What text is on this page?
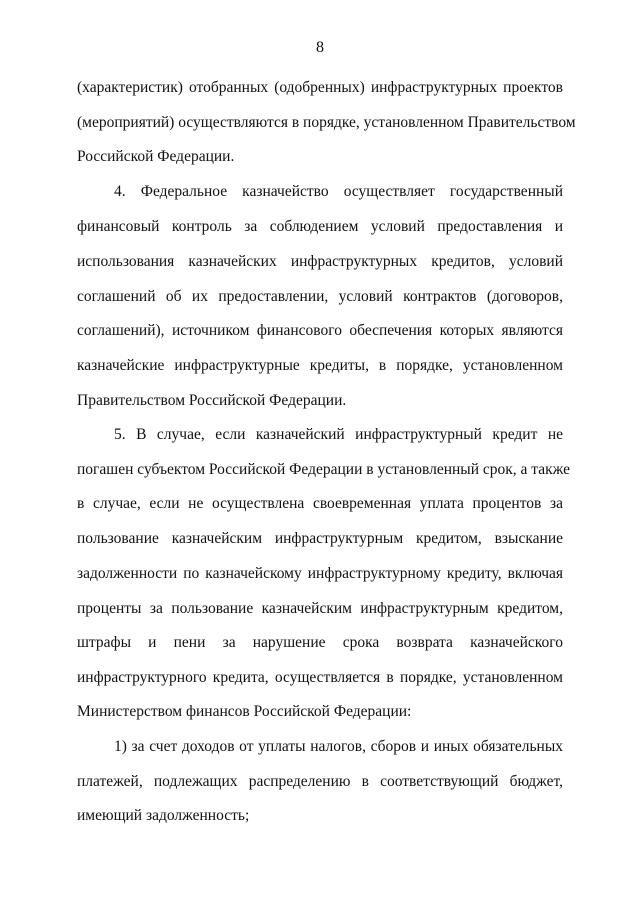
8
(характеристик) отобранных (одобренных) инфраструктурных проектов
(мероприятий) осуществляются в порядке, установленном Правительством
Российской Федерации.
4. Федеральное казначейство осуществляет государственный
финансовый контроль за соблюдением условий предоставления и
использования казначейских инфраструктурных кредитов, условий
соглашений об их предоставлении, условий контрактов (договоров,
соглашений), источником финансового обеспечения которых являются
казначейские инфраструктурные кредиты, в порядке, установленном
Правительством Российской Федерации.
5. В случае, если казначейский инфраструктурный кредит не
погашен субъектом Российской Федерации в установленный срок, а также
в случае, если не осуществлена своевременная уплата процентов за
пользование казначейским инфраструктурным кредитом, взыскание
задолженности по казначейскому инфраструктурному кредиту, включая
проценты за пользование казначейским инфраструктурным кредитом,
штрафы и пени за нарушение срока возврата казначейского
инфраструктурного кредита, осуществляется в порядке, установленном
Министерством финансов Российской Федерации:
1) за счет доходов от уплаты налогов, сборов и иных обязательных
платежей, подлежащих распределению в соответствующий бюджет,
имеющий задолженность;
